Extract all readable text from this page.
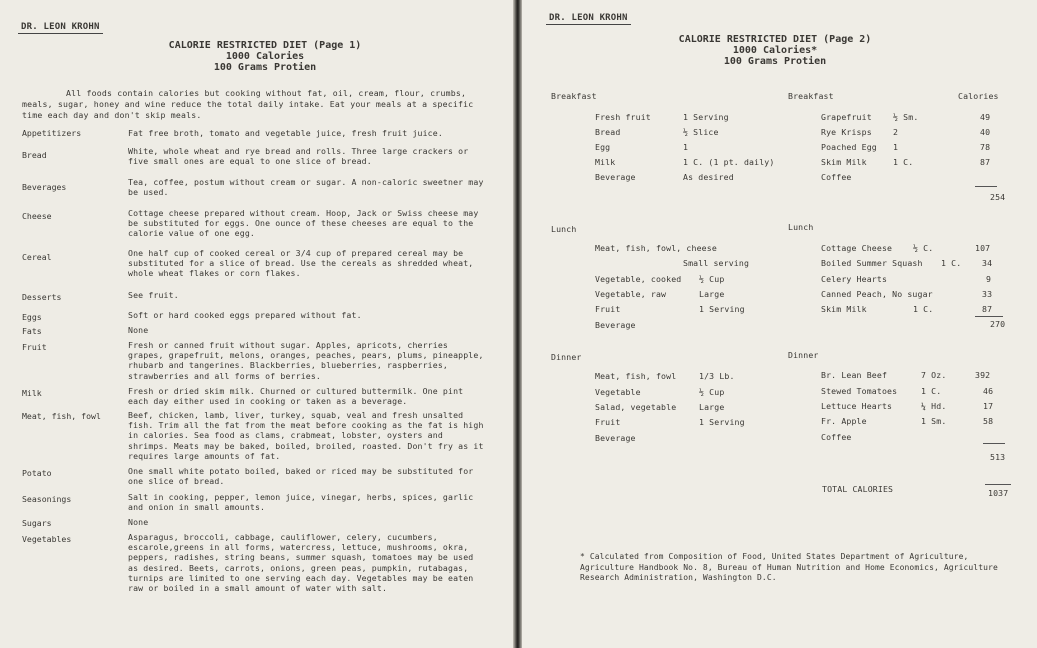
DR. LEON KROHN
CALORIE RESTRICTED DIET (Page 1)
1000 Calories
100 Grams Protien
All foods contain calories but cooking without fat, oil, cream, flour, crumbs, meals, sugar, honey and wine reduce the total daily intake. Eat your meals at a specific time each day and don't skip meals.
Appetitizers	Fat free broth, tomato and vegetable juice, fresh fruit juice.
Bread	White, whole wheat and rye bread and rolls. Three large crackers or five small ones are equal to one slice of bread.
Beverages	Tea, coffee, postum without cream or sugar. A non-caloric sweetner may be used.
Cheese	Cottage cheese prepared without cream. Hoop, Jack or Swiss cheese may be substituted for eggs. One ounce of these cheeses are equal to the calorie value of one egg.
Cereal	One half cup of cooked cereal or 3/4 cup of prepared cereal may be substituted for a slice of bread. Use the cereals as shredded wheat, whole wheat flakes or corn flakes.
Desserts	See fruit.
Eggs	Soft or hard cooked eggs prepared without fat.
Fats	None
Fruit	Fresh or canned fruit without sugar. Apples, apricots, cherries grapes, grapefruit, melons, oranges, peaches, pears, plums, pineapple, rhubarb and tangerines. Blackberries, blueberries, raspberries, strawberries and all forms of berries.
Milk	Fresh or dried skim milk. Churned or cultured buttermilk. One pint each day either used in cooking or taken as a beverage.
Meat, fish, fowl	Beef, chicken, lamb, liver, turkey, squab, veal and fresh unsalted fish. Trim all the fat from the meat before cooking as the fat is high in calories. Sea food as clams, crabmeat, lobster, oysters and shrimps. Meats may be baked, boiled, broiled, roasted. Don't fry as it requires large amounts of fat.
Potato	One small white potato boiled, baked or riced may be substituted for one slice of bread.
Seasonings	Salt in cooking, pepper, lemon juice, vinegar, herbs, spices, garlic and onion in small amounts.
Sugars	None
Vegetables	Asparagus, broccoli, cabbage, cauliflower, celery, cucumbers, escarole,greens in all forms, watercress, lettuce, mushrooms, okra, peppers, radishes, string beans, summer squash, tomatoes may be used as desired. Beets, carrots, onions, green peas, pumpkin, rutabagas, turnips are limited to one serving each day. Vegetables may be eaten raw or boiled in a small amount of water with salt.
DR. LEON KROHN
CALORIE RESTRICTED DIET (Page 2)
1000 Calories*
100 Grams Protien
Breakfast	Breakfast	Calories
Fresh fruit	1 Serving
Bread	½ Slice
Egg	1
Milk	1 C. (1 pt. daily)
Beverage	As desired
Grapefruit	½ Sm.	49
Rye Krisps	2	40
Poached Egg 1	78
Skim Milk	1 C.	87
Coffee
254
Lunch	Lunch
Meat, fish, fowl, cheese
Small serving
Vegetable, cooked ½ Cup
Vegetable, raw	Large
Fruit	1 Serving
Beverage
Cottage Cheese	½ C.	107
Boiled Summer Squash 1 C.	34
Celery Hearts	9
Canned Peach, No sugar	33
Skim Milk	1 C.	87
270
Dinner	Dinner
Meat, fish, fowl	1/3 Lb.
Vegetable	½ Cup
Salad, vegetable	Large
Fruit	1 Serving
Beverage
Br. Lean Beef	7 Oz.	392
Stewed Tomatoes	1 C.	46
Lettuce Hearts	¼ Hd.	17
Fr. Apple	1 Sm.	58
Coffee
513
TOTAL CALORIES	1037
* Calculated from Composition of Food, United States Department of Agriculture, Agriculture Handbook No. 8, Bureau of Human Nutrition and Home Economics, Agriculture Research Administration, Washington D.C.
